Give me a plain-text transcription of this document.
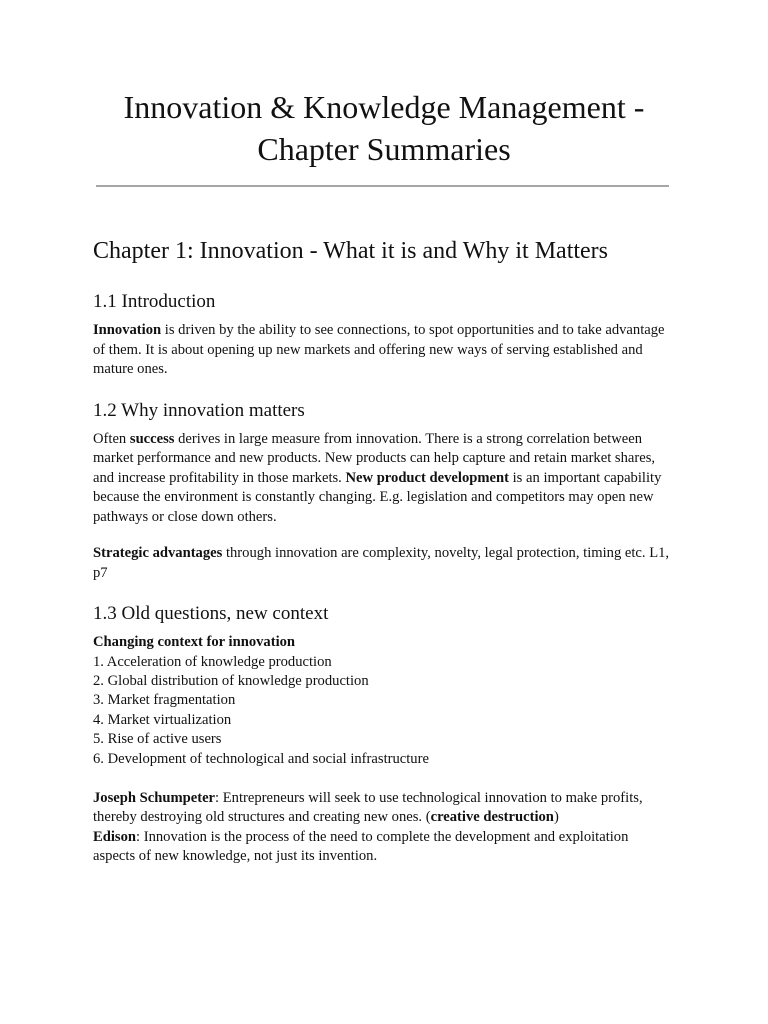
Innovation & Knowledge Management -
Chapter Summaries
Chapter 1: Innovation - What it is and Why it Matters
1.1 Introduction

Innovation is driven by the ability to see connections, to spot opportunities and to take advantage of them. It is about opening up new markets and offering new ways of serving established and mature ones.

1.2 Why innovation matters

Often success derives in large measure from innovation. There is a strong correlation between market performance and new products. New products can help capture and retain market shares, and increase profitability in those markets. New product development is an important capability because the environment is constantly changing. E.g. legislation and competitors may open new pathways or close down others.

Strategic advantages through innovation are complexity, novelty, legal protection, timing etc. L1, p7

1.3 Old questions, new context

Changing context for innovation

1. Acceleration of knowledge production
2. Global distribution of knowledge production
3. Market fragmentation
4. Market virtualization
5. Rise of active users
6. Development of technological and social infrastructure

Joseph Schumpeter: Entrepreneurs will seek to use technological innovation to make profits, thereby destroying old structures and creating new ones. (creative destruction)

Edison: Innovation is the process of the need to complete the development and exploitation aspects of new knowledge, not just its invention.
